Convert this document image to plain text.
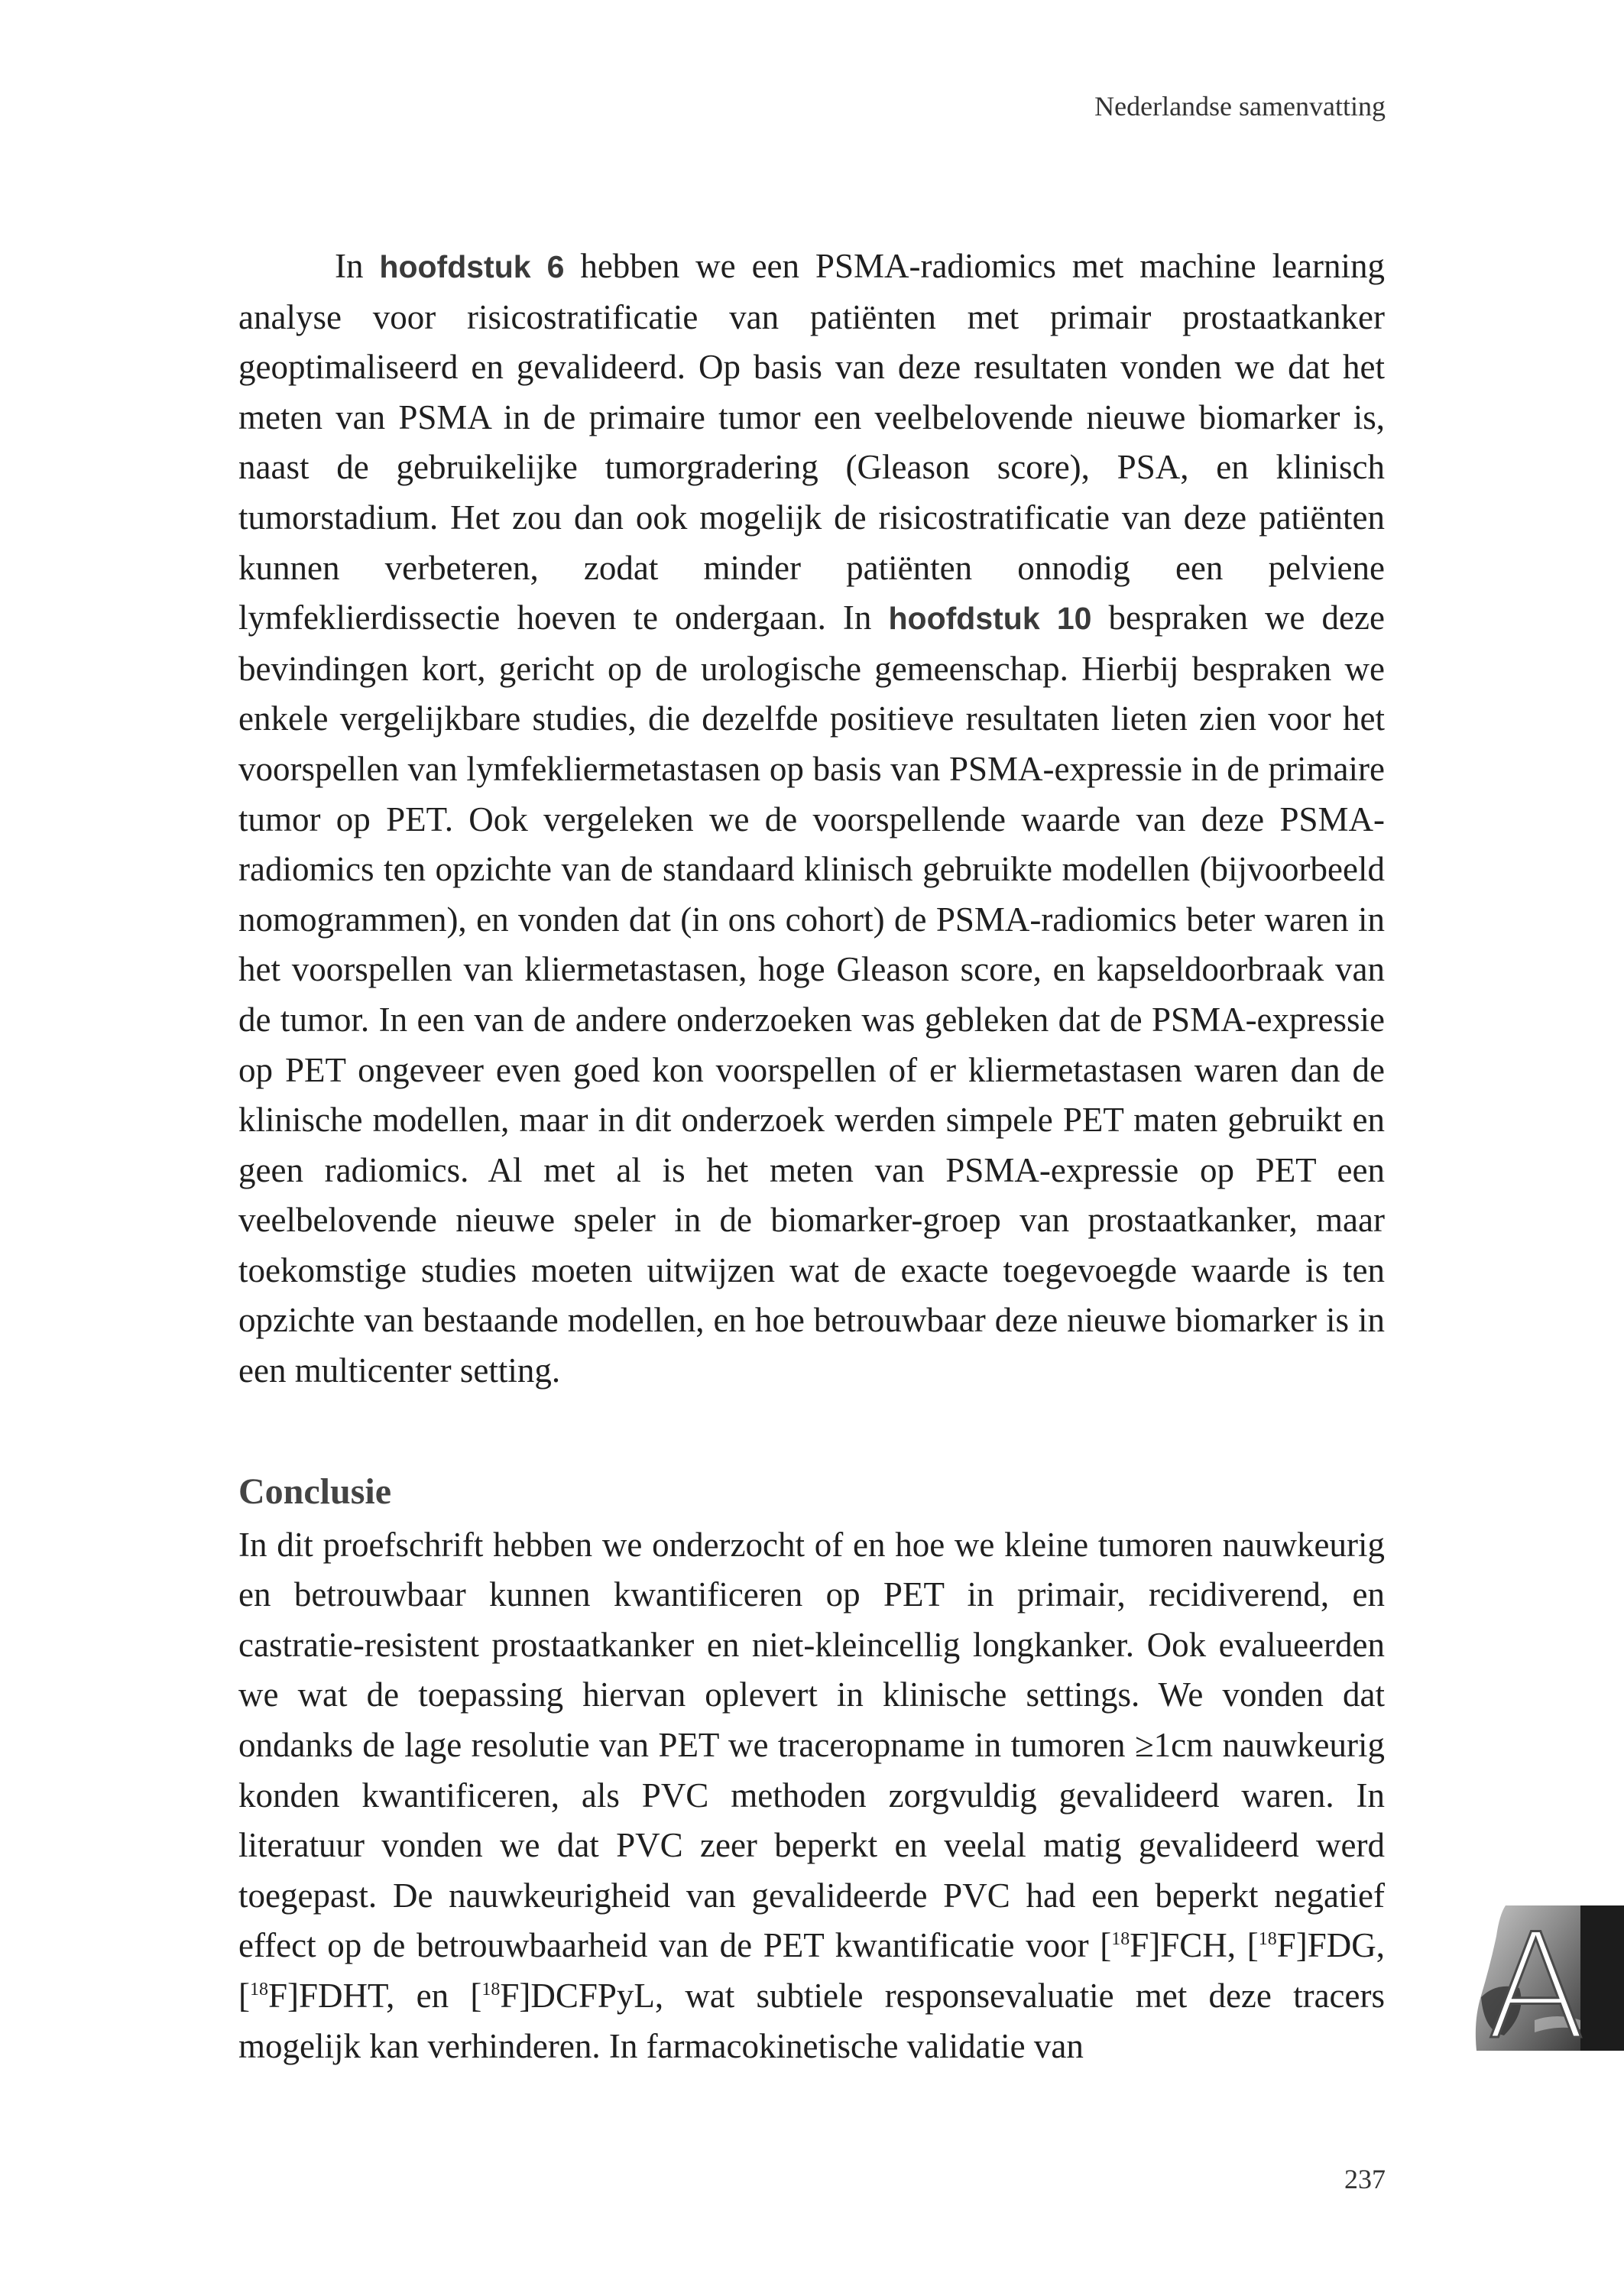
Nederlandse samenvatting

In hoofdstuk 6 hebben we een PSMA-radiomics met machine learning analyse voor risicostratificatie van patiënten met primair prostaatkanker geoptimaliseerd en gevalideerd. Op basis van deze resultaten vonden we dat het meten van PSMA in de primaire tumor een veelbelovende nieuwe biomarker is, naast de gebruikelijke tumorgradering (Gleason score), PSA, en klinisch tumorstadium. Het zou dan ook mogelijk de risicostratificatie van deze patiënten kunnen verbeteren, zodat minder patiënten onnodig een pelviene lymfeklierdissectie hoeven te ondergaan. In hoofdstuk 10 bespraken we deze bevindingen kort, gericht op de urologische gemeenschap. Hierbij bespraken we enkele vergelijkbare studies, die dezelfde positieve resultaten lieten zien voor het voorspellen van lymfekliermetastasen op basis van PSMA-expressie in de primaire tumor op PET. Ook vergeleken we de voorspellende waarde van deze PSMA-radiomics ten opzichte van de standaard klinisch gebruikte modellen (bijvoorbeeld nomogrammen), en vonden dat (in ons cohort) de PSMA-radiomics beter waren in het voorspellen van kliermetastasen, hoge Gleason score, en kapseldoorbraak van de tumor. In een van de andere onderzoeken was gebleken dat de PSMA-expressie op PET ongeveer even goed kon voorspellen of er kliermetastasen waren dan de klinische modellen, maar in dit onderzoek werden simpele PET maten gebruikt en geen radiomics. Al met al is het meten van PSMA-expressie op PET een veelbelovende nieuwe speler in de biomarker-groep van prostaatkanker, maar toekomstige studies moeten uitwijzen wat de exacte toegevoegde waarde is ten opzichte van bestaande modellen, en hoe betrouwbaar deze nieuwe biomarker is in een multicenter setting.

Conclusie

In dit proefschrift hebben we onderzocht of en hoe we kleine tumoren nauwkeurig en betrouwbaar kunnen kwantificeren op PET in primair, recidiverend, en castratie-resistent prostaatkanker en niet-kleincellig longkanker. Ook evalueerden we wat de toepassing hiervan oplevert in klinische settings. We vonden dat ondanks de lage resolutie van PET we traceropname in tumoren ≥1cm nauwkeurig konden kwantificeren, als PVC methoden zorgvuldig gevalideerd waren. In literatuur vonden we dat PVC zeer beperkt en veelal matig gevalideerd werd toegepast. De nauwkeurigheid van gevalideerde PVC had een beperkt negatief effect op de betrouwbaarheid van de PET kwantificatie voor [$^{18}$F]FCH, [$^{18}$F]FDG, [$^{18}$F]FDHT, en [$^{18}$F]DCFPyL, wat subtiele responsevaluatie met deze tracers mogelijk kan verhinderen. In farmacokinetische validatie van

237
A
